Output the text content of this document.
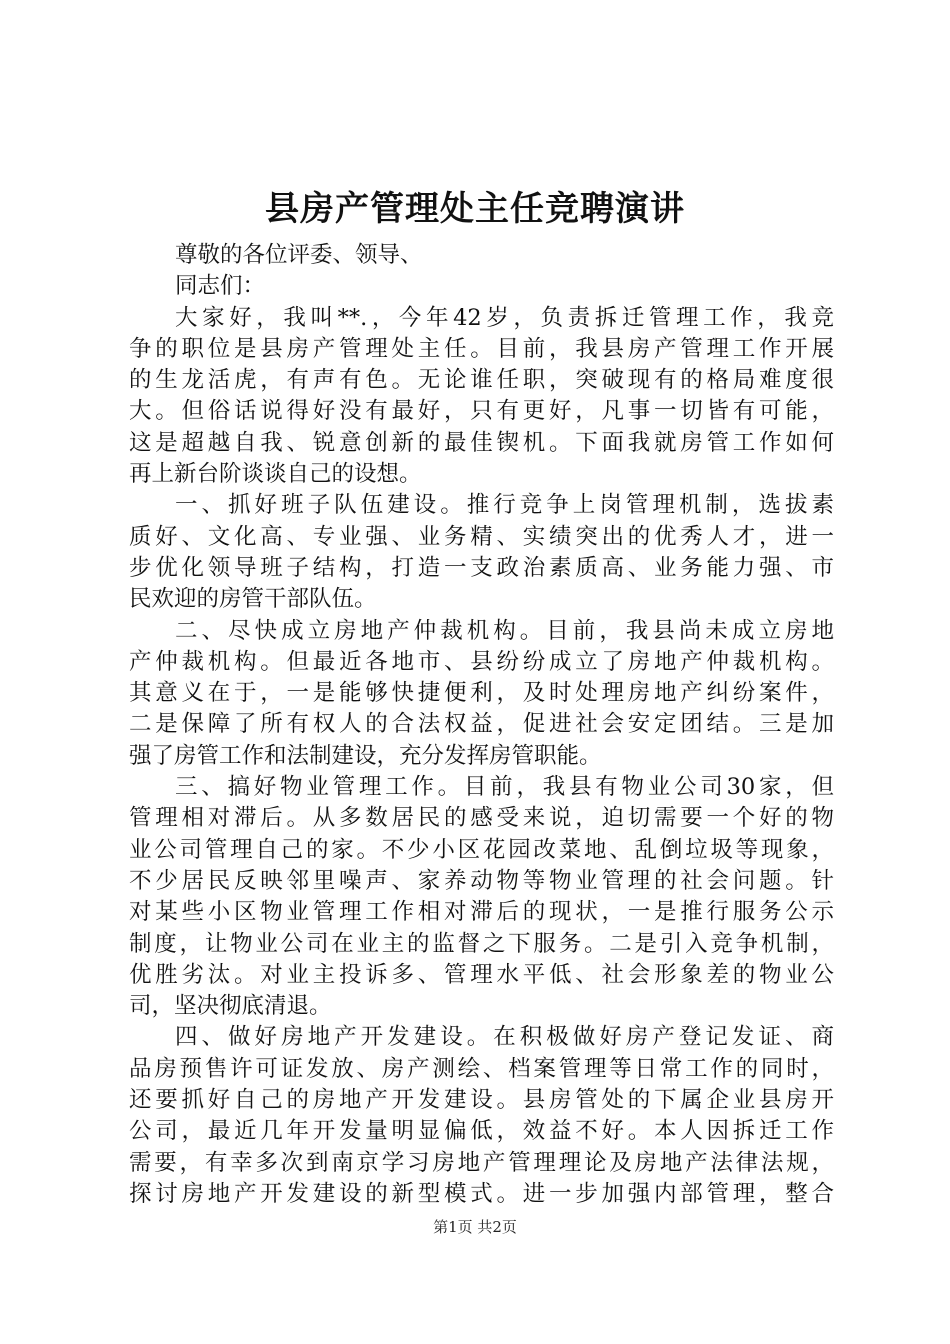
县房产管理处主任竞聘演讲
尊敬的各位评委、领导、
同志们：
大家好，我叫**.，今年42岁，负责拆迁管理工作，我竞
争的职位是县房产管理处主任。目前，我县房产管理工作开展
的生龙活虎，有声有色。无论谁任职，突破现有的格局难度很
大。但俗话说得好没有最好，只有更好，凡事一切皆有可能，
这是超越自我、锐意创新的最佳锲机。下面我就房管工作如何
再上新台阶谈谈自己的设想。
一、抓好班子队伍建设。推行竞争上岗管理机制，选拔素
质好、文化高、专业强、业务精、实绩突出的优秀人才，进一
步优化领导班子结构，打造一支政治素质高、业务能力强、市
民欢迎的房管干部队伍。
二、尽快成立房地产仲裁机构。目前，我县尚未成立房地
产仲裁机构。但最近各地市、县纷纷成立了房地产仲裁机构。
其意义在于，一是能够快捷便利，及时处理房地产纠纷案件，
二是保障了所有权人的合法权益，促进社会安定团结。三是加
强了房管工作和法制建设，充分发挥房管职能。
三、搞好物业管理工作。目前，我县有物业公司30家，但
管理相对滞后。从多数居民的感受来说，迫切需要一个好的物
业公司管理自己的家。不少小区花园改菜地、乱倒垃圾等现象，
不少居民反映邻里噪声、家养动物等物业管理的社会问题。针
对某些小区物业管理工作相对滞后的现状，一是推行服务公示
制度，让物业公司在业主的监督之下服务。二是引入竞争机制，
优胜劣汰。对业主投诉多、管理水平低、社会形象差的物业公
司，坚决彻底清退。
四、做好房地产开发建设。在积极做好房产登记发证、商
品房预售许可证发放、房产测绘、档案管理等日常工作的同时，
还要抓好自己的房地产开发建设。县房管处的下属企业县房开
公司，最近几年开发量明显偏低，效益不好。本人因拆迁工作
需要，有幸多次到南京学习房地产管理理论及房地产法律法规，
探讨房地产开发建设的新型模式。进一步加强内部管理，整合
第1页 共2页
